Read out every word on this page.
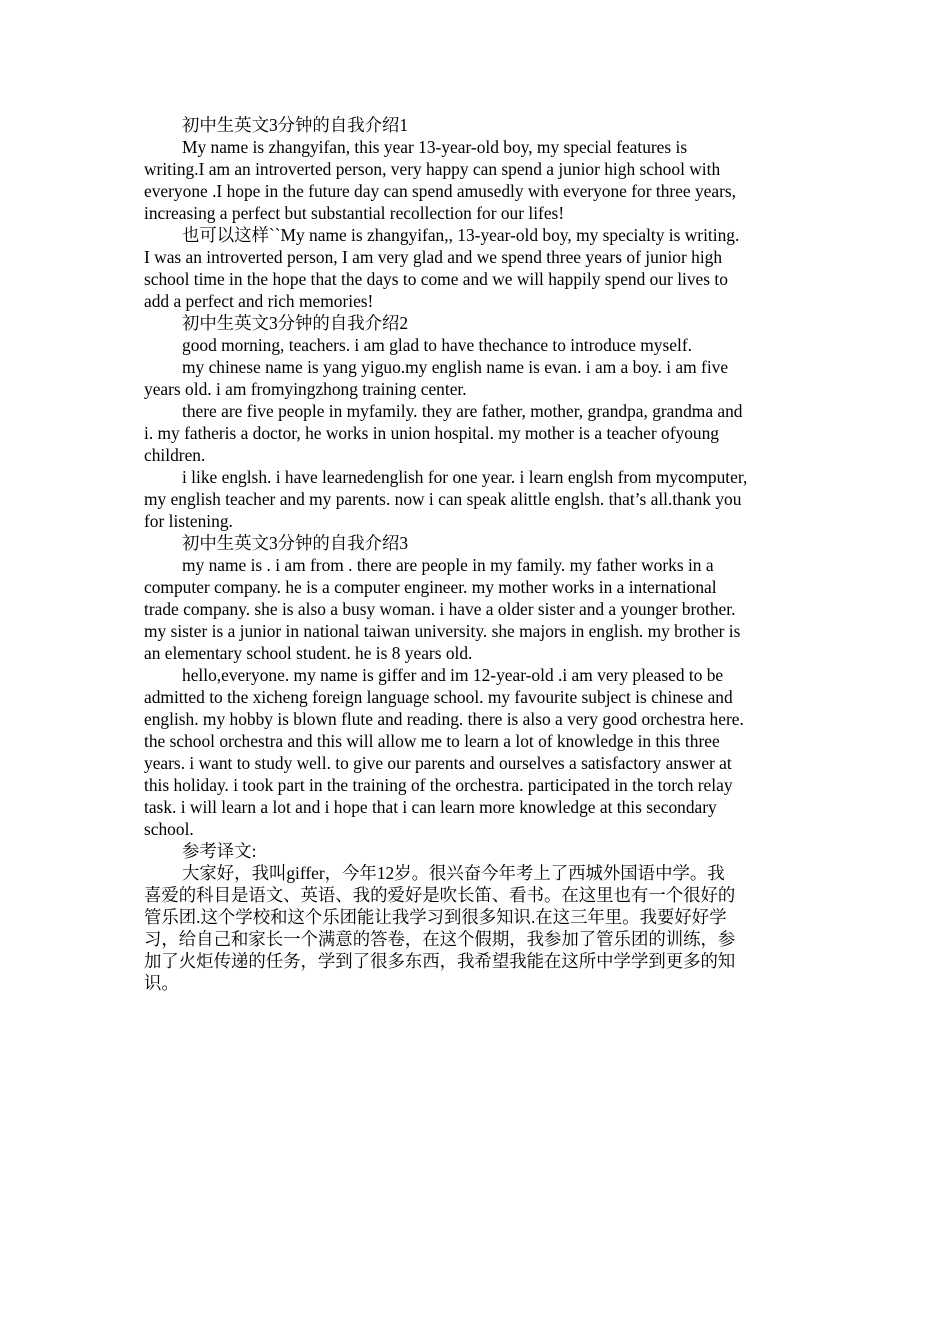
初中生英文3分钟的自我介绍1

My name is zhangyifan, this year 13-year-old boy, my special features is
writing.I am an introverted person, very happy can spend a junior high school with
everyone .I hope in the future day can spend amusedly with everyone for three years,
increasing a perfect but substantial recollection for our lifes!

也可以这样``My name is zhangyifan,, 13-year-old boy, my specialty is writing.
I was an introverted person, I am very glad and we spend three years of junior high
school time in the hope that the days to come and we will happily spend our lives to
add a perfect and rich memories!

初中生英文3分钟的自我介绍2

good morning, teachers. i am glad to have thechance to introduce myself.

my chinese name is yang yiguo.my english name is evan. i am a boy. i am five
years old. i am fromyingzhong training center.

there are five people in myfamily. they are father, mother, grandpa, grandma and
i. my fatheris a doctor, he works in union hospital. my mother is a teacher ofyoung
children.

i like englsh. i have learnedenglish for one year. i learn englsh from mycomputer,
my english teacher and my parents. now i can speak alittle englsh. that’s all.thank you
for listening.

初中生英文3分钟的自我介绍3

my name is . i am from . there are people in my family. my father works in a
computer company. he is a computer engineer. my mother works in a international
trade company. she is also a busy woman. i have a older sister and a younger brother.
my sister is a junior in national taiwan university. she majors in english. my brother is
an elementary school student. he is 8 years old.

hello,everyone. my name is giffer and im 12-year-old .i am very pleased to be
admitted to the xicheng foreign language school. my favourite subject is chinese and
english. my hobby is blown flute and reading. there is also a very good orchestra here.
the school orchestra and this will allow me to learn a lot of knowledge in this three
years. i want to study well. to give our parents and ourselves a satisfactory answer at
this holiday. i took part in the training of the orchestra. participated in the torch relay
task. i will learn a lot and i hope that i can learn more knowledge at this secondary
school.

参考译文:

大家好，我叫giffer，今年12岁。很兴奋今年考上了西城外国语中学。我
喜爱的科目是语文、英语、我的爱好是吹长笛、看书。在这里也有一个很好的
管乐团.这个学校和这个乐团能让我学习到很多知识.在这三年里。我要好好学
习，给自己和家长一个满意的答卷，在这个假期，我参加了管乐团的训练，参
加了火炬传递的任务，学到了很多东西，我希望我能在这所中学学到更多的知
识。
